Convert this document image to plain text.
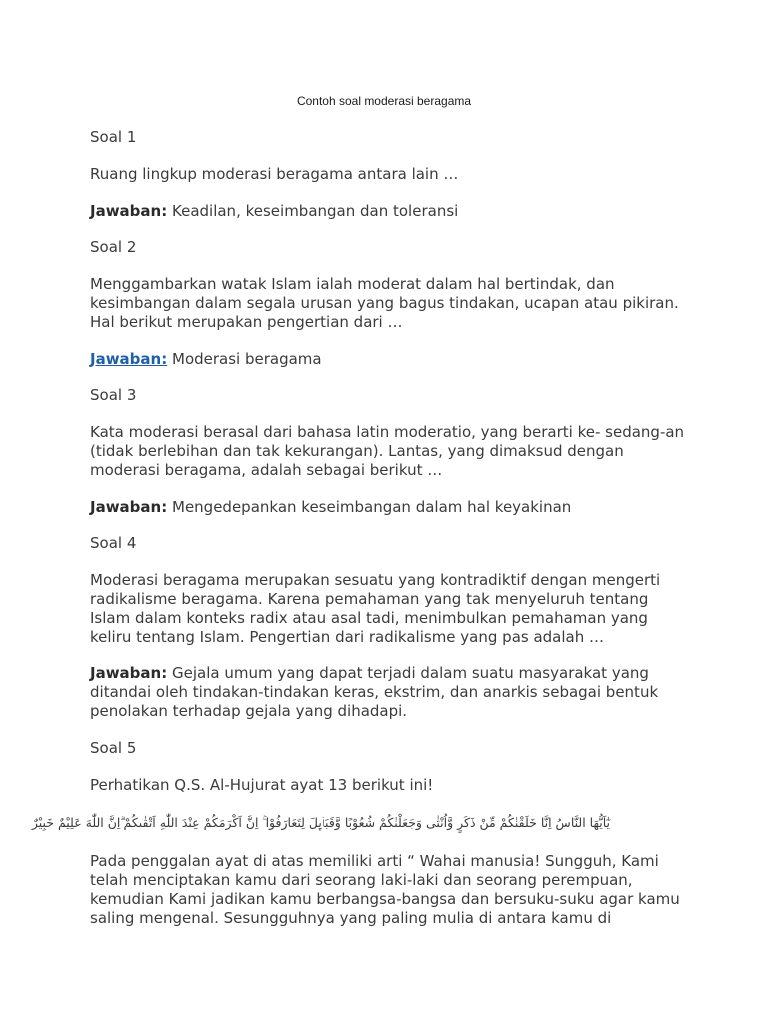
Contoh soal moderasi beragama

Soal 1

Ruang lingkup moderasi beragama antara lain …

Jawaban: Keadilan, keseimbangan dan toleransi

Soal 2

Menggambarkan watak Islam ialah moderat dalam hal bertindak, dan kesimbangan dalam segala urusan yang bagus tindakan, ucapan atau pikiran. Hal berikut merupakan pengertian dari …

Jawaban: Moderasi beragama

Soal 3

Kata moderasi berasal dari bahasa latin moderatio, yang berarti ke- sedang-an (tidak berlebihan dan tak kekurangan). Lantas, yang dimaksud dengan moderasi beragama, adalah sebagai berikut …

Jawaban: Mengedepankan keseimbangan dalam hal keyakinan

Soal 4

Moderasi beragama merupakan sesuatu yang kontradiktif dengan mengerti radikalisme beragama. Karena pemahaman yang tak menyeluruh tentang Islam dalam konteks radix atau asal tadi, menimbulkan pemahaman yang keliru tentang Islam. Pengertian dari radikalisme yang pas adalah …

Jawaban: Gejala umum yang dapat terjadi dalam suatu masyarakat yang ditandai oleh tindakan-tindakan keras, ekstrim, dan anarkis sebagai bentuk penolakan terhadap gejala yang dihadapi.

Soal 5

Perhatikan Q.S. Al-Hujurat ayat 13 berikut ini!

يٰٓاَيُّهَا النَّاسُ اِنَّا خَلَقْنٰكُمْ مِّنْ ذَكَرٍ وَّاُنْثٰى وَجَعَلْنٰكُمْ شُعُوْبًا وَّقَبَاۤىِٕلَ لِتَعَارَفُوْا ۚ اِنَّ اَكْرَمَكُمْ عِنْدَ اللّٰهِ اَتْقٰىكُمْ ۗاِنَّ اللّٰهَ عَلِيْمٌ خَبِيْرٌ

Pada penggalan ayat di atas memiliki arti “ Wahai manusia! Sungguh, Kami telah menciptakan kamu dari seorang laki-laki dan seorang perempuan, kemudian Kami jadikan kamu berbangsa-bangsa dan bersuku-suku agar kamu saling mengenal. Sesungguhnya yang paling mulia di antara kamu di
